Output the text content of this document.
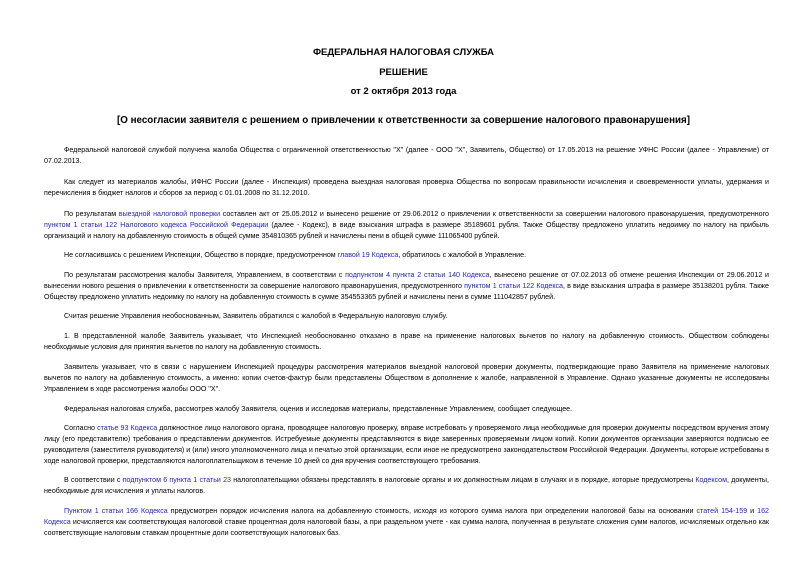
ФЕДЕРАЛЬНАЯ НАЛОГОВАЯ СЛУЖБА
РЕШЕНИЕ
от 2 октября 2013 года
[О несогласии заявителя с решением о привлечении к ответственности за совершение налогового правонарушения]

Федеральной налоговой службой получена жалоба Общества с ограниченной ответственностью "Х" (далее - ООО "Х", Заявитель, Общество) от 17.05.2013 на решение УФНС России (далее - Управление) от 07.02.2013.

Как следует из материалов жалобы, ИФНС России (далее - Инспекция) проведена выездная налоговая проверка Общества по вопросам правильности исчисления и своевременности уплаты, удержания и перечисления в бюджет налогов и сборов за период с 01.01.2008 по 31.12.2010.

По результатам выездной налоговой проверки составлен акт от 25.05.2012 и вынесено решение от 29.06.2012 о привлечении к ответственности за совершении налогового правонарушения, предусмотренного пунктом 1 статьи 122 Налогового кодекса Российской Федерации (далее - Кодекс), в виде взыскания штрафа в размере 35189601 рубля. Также Обществу предложено уплатить недоимку по налогу на прибыль организаций и налогу на добавленную стоимость в общей сумме 354810365 рублей и начислены пени в общей сумме 111065400 рублей.

Не согласившись с решением Инспекции, Общество в порядке, предусмотренном главой 19 Кодекса, обратилось с жалобой в Управление.

По результатам рассмотрения жалобы Заявителя, Управлением, в соответствии с подпунктом 4 пункта 2 статьи 140 Кодекса, вынесено решение от 07.02.2013 об отмене решения Инспекции от 29.06.2012 и вынесении нового решения о привлечении к ответственности за совершение налогового правонарушения, предусмотренного пунктом 1 статьи 122 Кодекса, в виде взыскания штрафа в размере 35138201 рубля. Также Обществу предложено уплатить недоимку по налогу на добавленную стоимость в сумме 354553365 рублей и начислены пени в сумме 111042857 рублей.

Считая решение Управления необоснованным, Заявитель обратился с жалобой в Федеральную налоговую службу.

1. В представленной жалобе Заявитель указывает, что Инспекцией необоснованно отказано в праве на применение налоговых вычетов по налогу на добавленную стоимость. Обществом соблюдены необходимые условия для принятия вычетов по налогу на добавленную стоимость.

Заявитель указывает, что в связи с нарушением Инспекцией процедуры рассмотрения материалов выездной налоговой проверки документы, подтверждающие право Заявителя на применение налоговых вычетов по налогу на добавленную стоимость, а именно: копии счетов-фактур были представлены Обществом в дополнение к жалобе, направленной в Управление. Однако указанные документы не исследованы Управлением в ходе рассмотрения жалобы ООО "Х".

Федеральная налоговая служба, рассмотрев жалобу Заявителя, оценив и исследовав материалы, представленные Управлением, сообщает следующее.

Согласно статье 93 Кодекса должностное лицо налогового органа, проводящее налоговую проверку, вправе истребовать у проверяемого лица необходимые для проверки документы посредством вручения этому лицу (его представителю) требования о представлении документов. Истребуемые документы представляются в виде заверенных проверяемым лицом копий. Копии документов организации заверяются подписью ее руководителя (заместителя руководителя) и (или) иного уполномоченного лица и печатью этой организации, если иное не предусмотрено законодательством Российской Федерации. Документы, которые истребованы в ходе налоговой проверки, представляются налогоплательщиком в течение 10 дней со дня вручения соответствующего требования.

В соответствии с подпунктом 6 пункта 1 статьи 23 налогоплательщики обязаны представлять в налоговые органы и их должностным лицам в случаях и в порядке, которые предусмотрены Кодексом, документы, необходимые для исчисления и уплаты налогов.

Пунктом 1 статьи 166 Кодекса предусмотрен порядок исчисления налога на добавленную стоимость, исходя из которого сумма налога при определении налоговой базы на основании статей 154-159 и 162 Кодекса исчисляется как соответствующая налоговой ставке процентная доля налоговой базы, а при раздельном учете - как сумма налога, полученная в результате сложения сумм налогов, исчисляемых отдельно как соответствующие налоговым ставкам процентные доли соответствующих налоговых баз.
